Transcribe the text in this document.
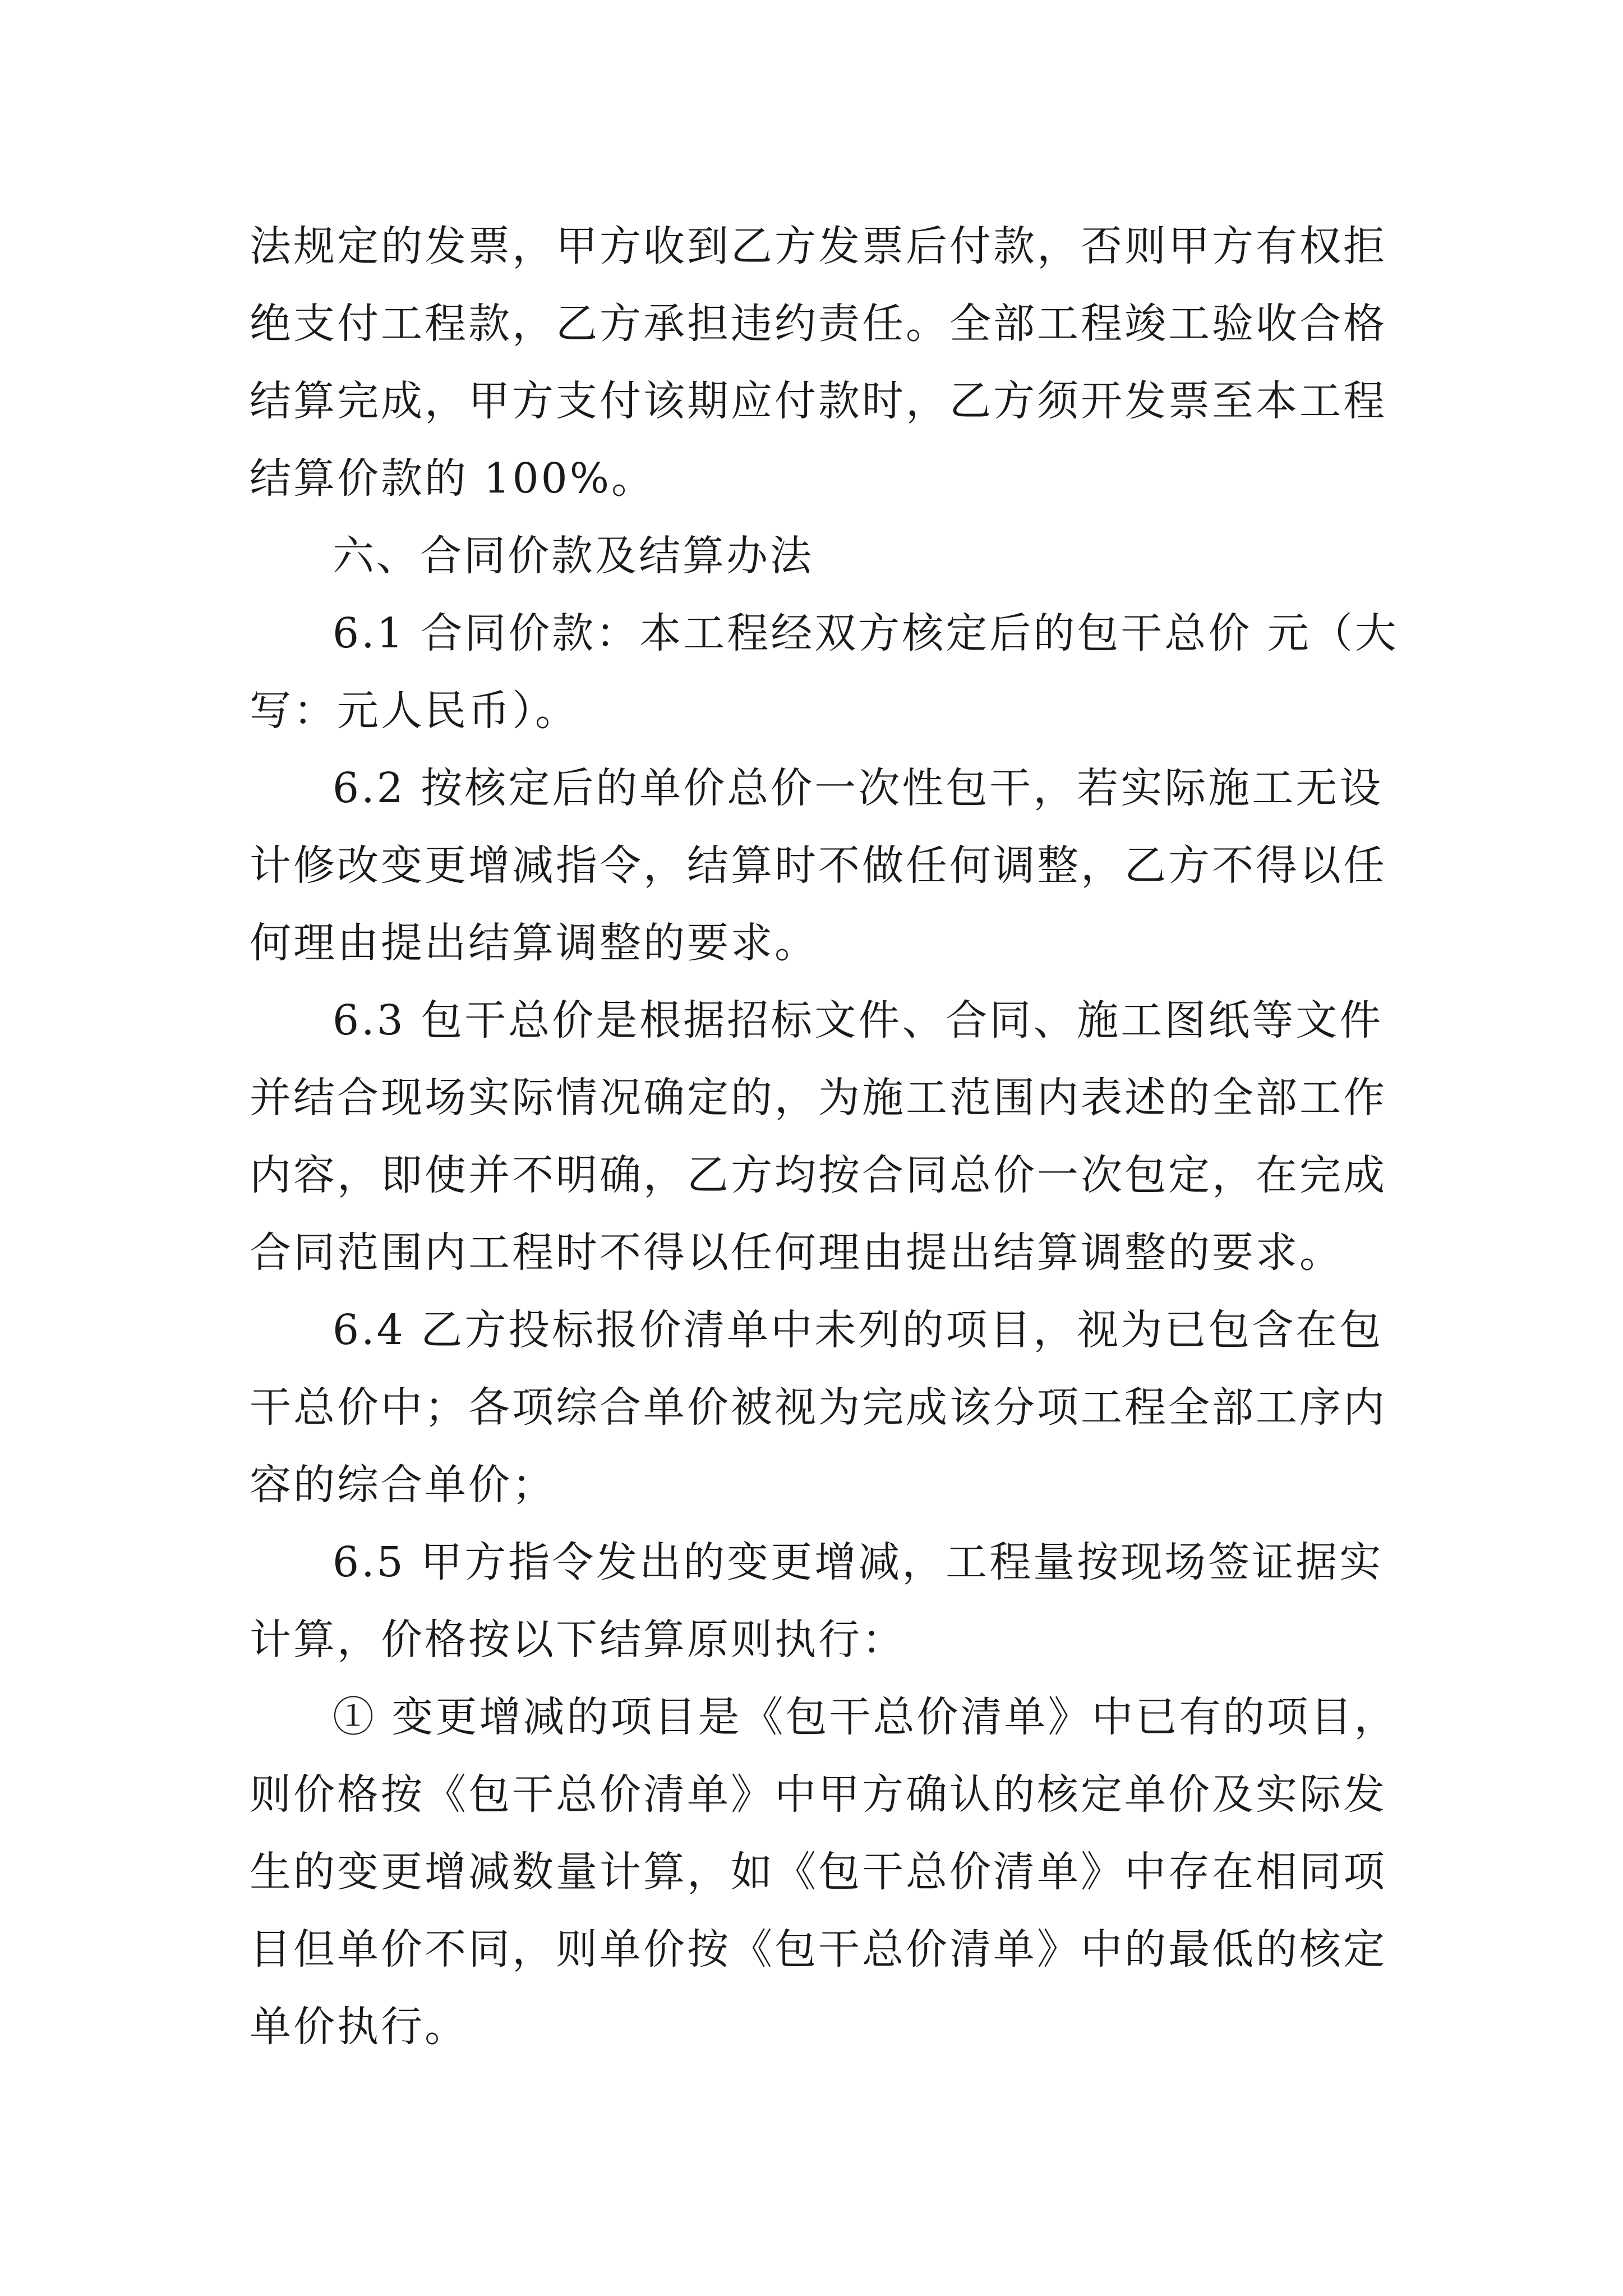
法规定的发票，甲方收到乙方发票后付款，否则甲方有权拒
绝支付工程款，乙方承担违约责任。全部工程竣工验收合格
结算完成，甲方支付该期应付款时，乙方须开发票至本工程
结算价款的 100%。
六、合同价款及结算办法
6.1 合同价款：本工程经双方核定后的包干总价 元（大
写：元人民币）。
6.2 按核定后的单价总价一次性包干，若实际施工无设
计修改变更增减指令，结算时不做任何调整，乙方不得以任
何理由提出结算调整的要求。
6.3 包干总价是根据招标文件、合同、施工图纸等文件
并结合现场实际情况确定的，为施工范围内表述的全部工作
内容，即使并不明确，乙方均按合同总价一次包定，在完成
合同范围内工程时不得以任何理由提出结算调整的要求。
6.4 乙方投标报价清单中未列的项目，视为已包含在包
干总价中；各项综合单价被视为完成该分项工程全部工序内
容的综合单价；
6.5 甲方指令发出的变更增减，工程量按现场签证据实
计算，价格按以下结算原则执行：
① 变更增减的项目是《包干总价清单》中已有的项目，
则价格按《包干总价清单》中甲方确认的核定单价及实际发
生的变更增减数量计算，如《包干总价清单》中存在相同项
目但单价不同，则单价按《包干总价清单》中的最低的核定
单价执行。
